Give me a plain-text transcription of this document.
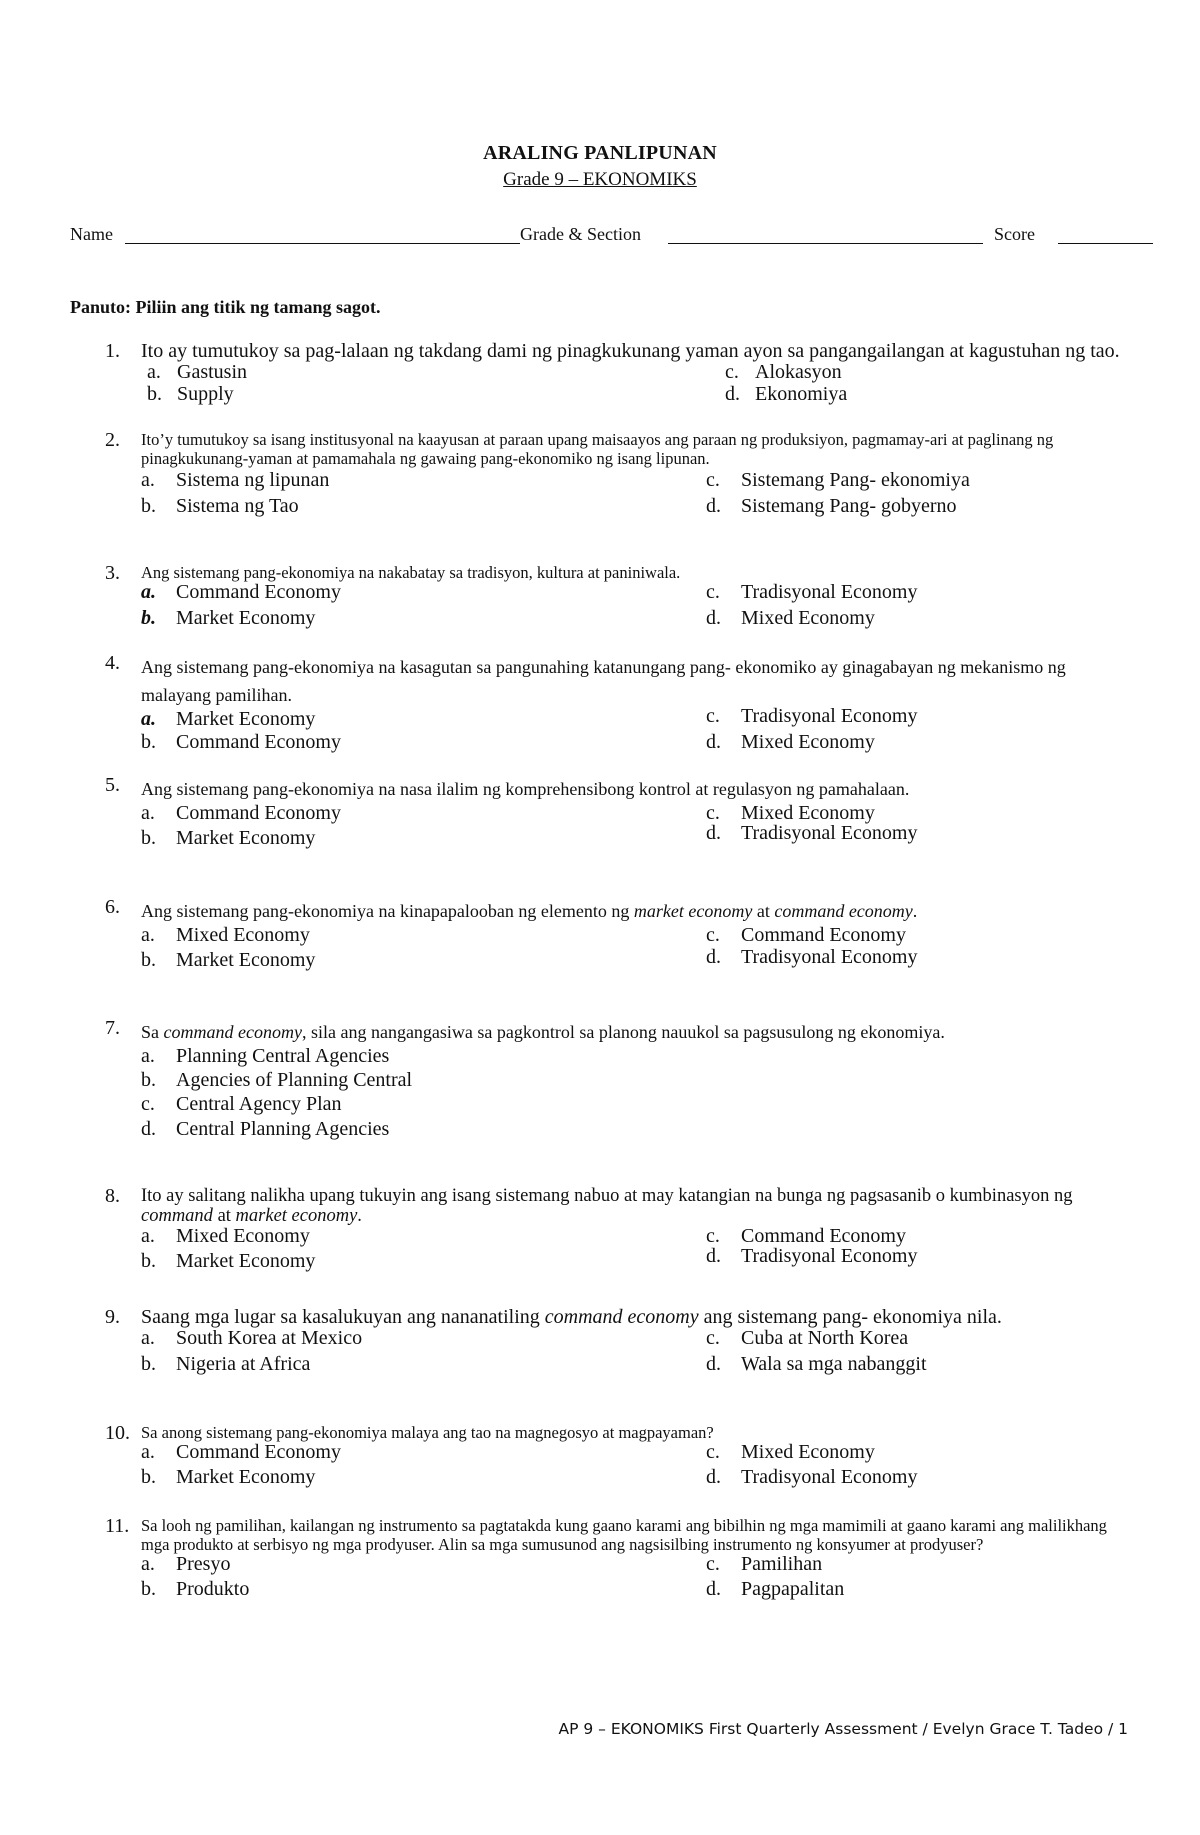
ARALING PANLIPUNAN
Grade 9 – EKONOMIKS
Name	Grade & Section	Score
Panuto: Piliin ang titik ng tamang sagot.
1. Ito ay tumutukoy sa pag-lalaan ng takdang dami ng pinagkukunang yaman ayon sa pangangailangan at kagustuhan ng tao.
a. Gastusin
b. Supply
c. Alokasyon
d. Ekonomiya
2. Ito’y tumutukoy sa isang institusyonal na kaayusan at paraan upang maisaayos ang paraan ng produksiyon, pagmamay-ari at paglinang ng pinagkukunang-yaman at pamamahala ng gawaing pang-ekonomiko ng isang lipunan.
a. Sistema ng lipunan
b. Sistema ng Tao
c. Sistemang Pang- ekonomiya
d. Sistemang Pang- gobyerno
3. Ang sistemang pang-ekonomiya na nakabatay sa tradisyon, kultura at paniniwala.
a. Command Economy
b. Market Economy
c. Tradisyonal Economy
d. Mixed Economy
4. Ang sistemang pang-ekonomiya na kasagutan sa pangunahing katanungang pang- ekonomiko ay ginagabayan ng mekanismo ng malayang pamilihan.
a. Market Economy
b. Command Economy
c. Tradisyonal Economy
d. Mixed Economy
5. Ang sistemang pang-ekonomiya na nasa ilalim ng komprehensibong kontrol at regulasyon ng pamahalaan.
a. Command Economy
b. Market Economy
c. Mixed Economy
d. Tradisyonal Economy
6. Ang sistemang pang-ekonomiya na kinapapalooban ng elemento ng market economy at command economy.
a. Mixed Economy
b. Market Economy
c. Command Economy
d. Tradisyonal Economy
7. Sa command economy, sila ang nangangasiwa sa pagkontrol sa planong nauukol sa pagsusulong ng ekonomiya.
a. Planning Central Agencies
b. Agencies of Planning Central
c. Central Agency Plan
d. Central Planning Agencies
8. Ito ay salitang nalikha upang tukuyin ang isang sistemang nabuo at may katangian na bunga ng pagsasanib o kumbinasyon ng command at market economy.
a. Mixed Economy
b. Market Economy
c. Command Economy
d. Tradisyonal Economy
9. Saang mga lugar sa kasalukuyan ang nananatiling command economy ang sistemang pang- ekonomiya nila.
a. South Korea at Mexico
b. Nigeria at Africa
c. Cuba at North Korea
d. Wala sa mga nabanggit
10. Sa anong sistemang pang-ekonomiya malaya ang tao na magnegosyo at magpayaman?
a. Command Economy
b. Market Economy
c. Mixed Economy
d. Tradisyonal Economy
11. Sa looh ng pamilihan, kailangan ng instrumento sa pagtatakda kung gaano karami ang bibilhin ng mga mamimili at gaano karami ang malilikhang mga produkto at serbisyo ng mga prodyuser. Alin sa mga sumusunod ang nagsisilbing instrumento ng konsyumer at prodyuser?
a. Presyo
b. Produkto
c. Pamilihan
d. Pagpapalitan
AP 9 – EKONOMIKS First Quarterly Assessment / Evelyn Grace T. Tadeo / 1
